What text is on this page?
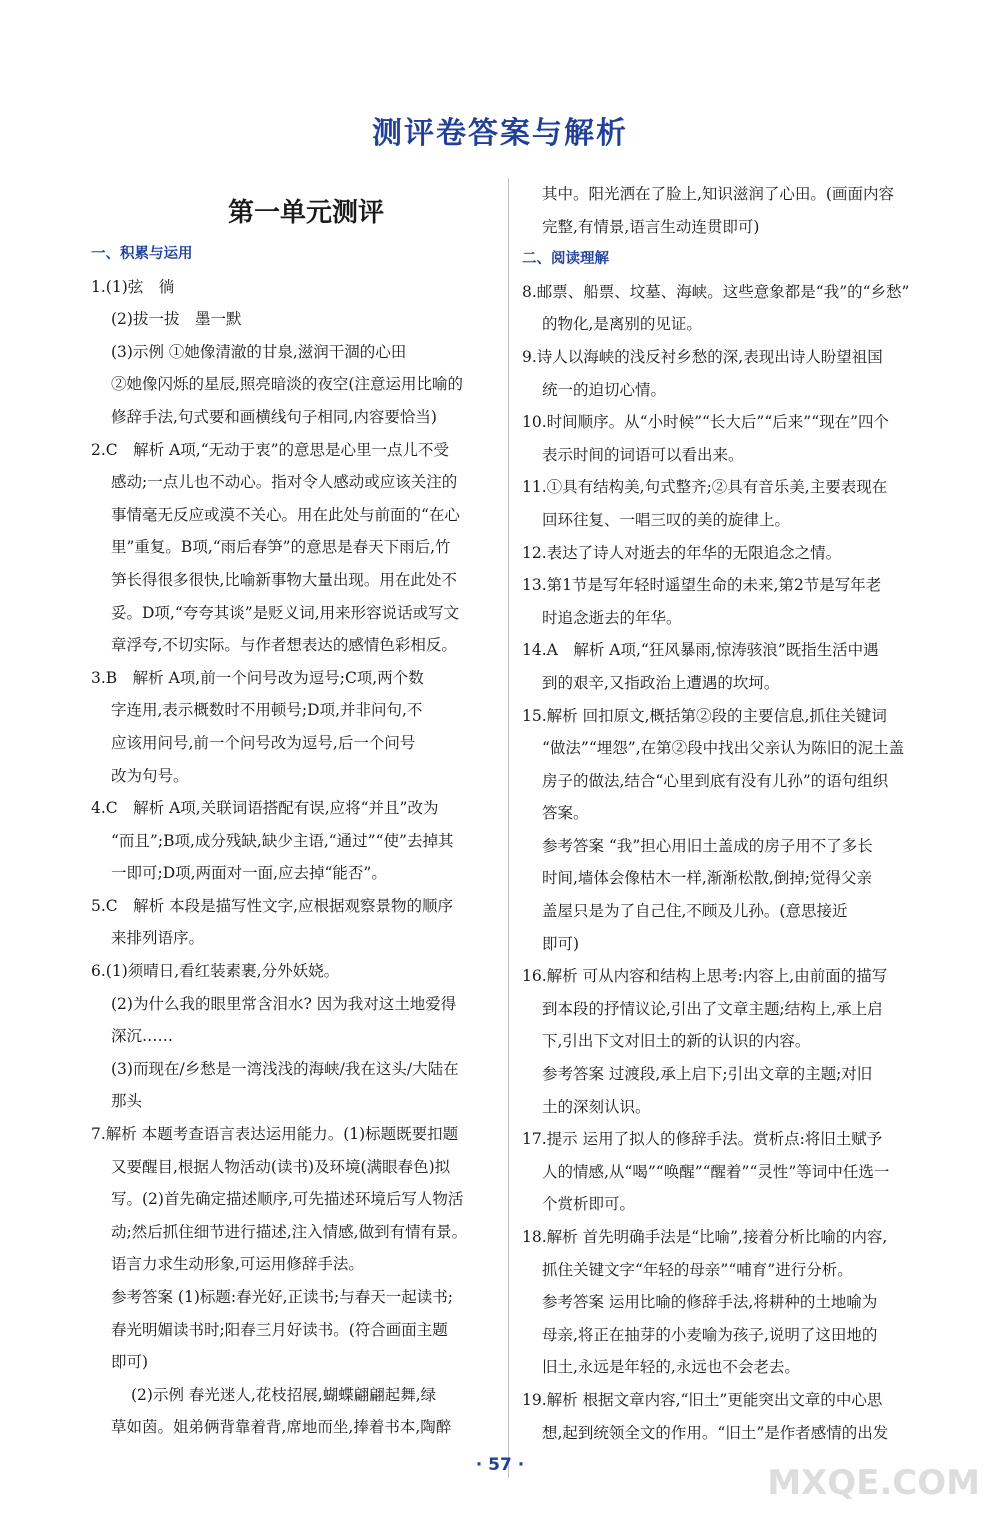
测评卷答案与解析
第一单元测评
一、积累与运用
1.(1)弦　徜
(2)拔一拔　墨一默
(3)示例 ①她像清澈的甘泉,滋润干涸的心田
②她像闪烁的星辰,照亮暗淡的夜空(注意运用比喻的
修辞手法,句式要和画横线句子相同,内容要恰当)
2.C　解析 A项,“无动于衷”的意思是心里一点儿不受
感动;一点儿也不动心。指对令人感动或应该关注的
事情毫无反应或漠不关心。用在此处与前面的“在心
里”重复。B项,“雨后春笋”的意思是春天下雨后,竹
笋长得很多很快,比喻新事物大量出现。用在此处不
妥。D项,“夸夸其谈”是贬义词,用来形容说话或写文
章浮夸,不切实际。与作者想表达的感情色彩相反。
3.B　解析 A项,前一个问号改为逗号;C项,两个数
字连用,表示概数时不用顿号;D项,并非问句,不
应该用问号,前一个问号改为逗号,后一个问号
改为句号。
4.C　解析 A项,关联词语搭配有误,应将“并且”改为
“而且”;B项,成分残缺,缺少主语,“通过”“使”去掉其
一即可;D项,两面对一面,应去掉“能否”。
5.C　解析 本段是描写性文字,应根据观察景物的顺序
来排列语序。
6.(1)须晴日,看红装素裹,分外妖娆。
(2)为什么我的眼里常含泪水? 因为我对这土地爱得
深沉……
(3)而现在/乡愁是一湾浅浅的海峡/我在这头/大陆在
那头
7.解析 本题考查语言表达运用能力。(1)标题既要扣题
又要醒目,根据人物活动(读书)及环境(满眼春色)拟
写。(2)首先确定描述顺序,可先描述环境后写人物活
动;然后抓住细节进行描述,注入情感,做到有情有景。
语言力求生动形象,可运用修辞手法。
参考答案 (1)标题:春光好,正读书;与春天一起读书;
春光明媚读书时;阳春三月好读书。(符合画面主题
即可)
(2)示例 春光迷人,花枝招展,蝴蝶翩翩起舞,绿
草如茵。姐弟俩背靠着背,席地而坐,捧着书本,陶醉
其中。阳光洒在了脸上,知识滋润了心田。(画面内容
完整,有情景,语言生动连贯即可)
二、阅读理解
8.邮票、船票、坟墓、海峡。这些意象都是“我”的“乡愁”
的物化,是离别的见证。
9.诗人以海峡的浅反衬乡愁的深,表现出诗人盼望祖国
统一的迫切心情。
10.时间顺序。从“小时候”“长大后”“后来”“现在”四个
表示时间的词语可以看出来。
11.①具有结构美,句式整齐;②具有音乐美,主要表现在
回环往复、一唱三叹的美的旋律上。
12.表达了诗人对逝去的年华的无限追念之情。
13.第1节是写年轻时遥望生命的未来,第2节是写年老
时追念逝去的年华。
14.A　解析 A项,“狂风暴雨,惊涛骇浪”既指生活中遇
到的艰辛,又指政治上遭遇的坎坷。
15.解析 回扣原文,概括第②段的主要信息,抓住关键词
“做法”“埋怨”,在第②段中找出父亲认为陈旧的泥土盖
房子的做法,结合“心里到底有没有儿孙”的语句组织
答案。
参考答案 “我”担心用旧土盖成的房子用不了多长
时间,墙体会像枯木一样,渐渐松散,倒掉;觉得父亲
盖屋只是为了自己住,不顾及儿孙。(意思接近
即可)
16.解析 可从内容和结构上思考:内容上,由前面的描写
到本段的抒情议论,引出了文章主题;结构上,承上启
下,引出下文对旧土的新的认识的内容。
参考答案 过渡段,承上启下;引出文章的主题;对旧
土的深刻认识。
17.提示 运用了拟人的修辞手法。赏析点:将旧土赋予
人的情感,从“喝”“唤醒”“醒着”“灵性”等词中任选一
个赏析即可。
18.解析 首先明确手法是“比喻”,接着分析比喻的内容,
抓住关键文字“年轻的母亲”“哺育”进行分析。
参考答案 运用比喻的修辞手法,将耕种的土地喻为
母亲,将正在抽芽的小麦喻为孩子,说明了这田地的
旧土,永远是年轻的,永远也不会老去。
19.解析 根据文章内容,“旧土”更能突出文章的中心思
想,起到统领全文的作用。“旧土”是作者感情的出发
· 57 ·	MXQE.COM
